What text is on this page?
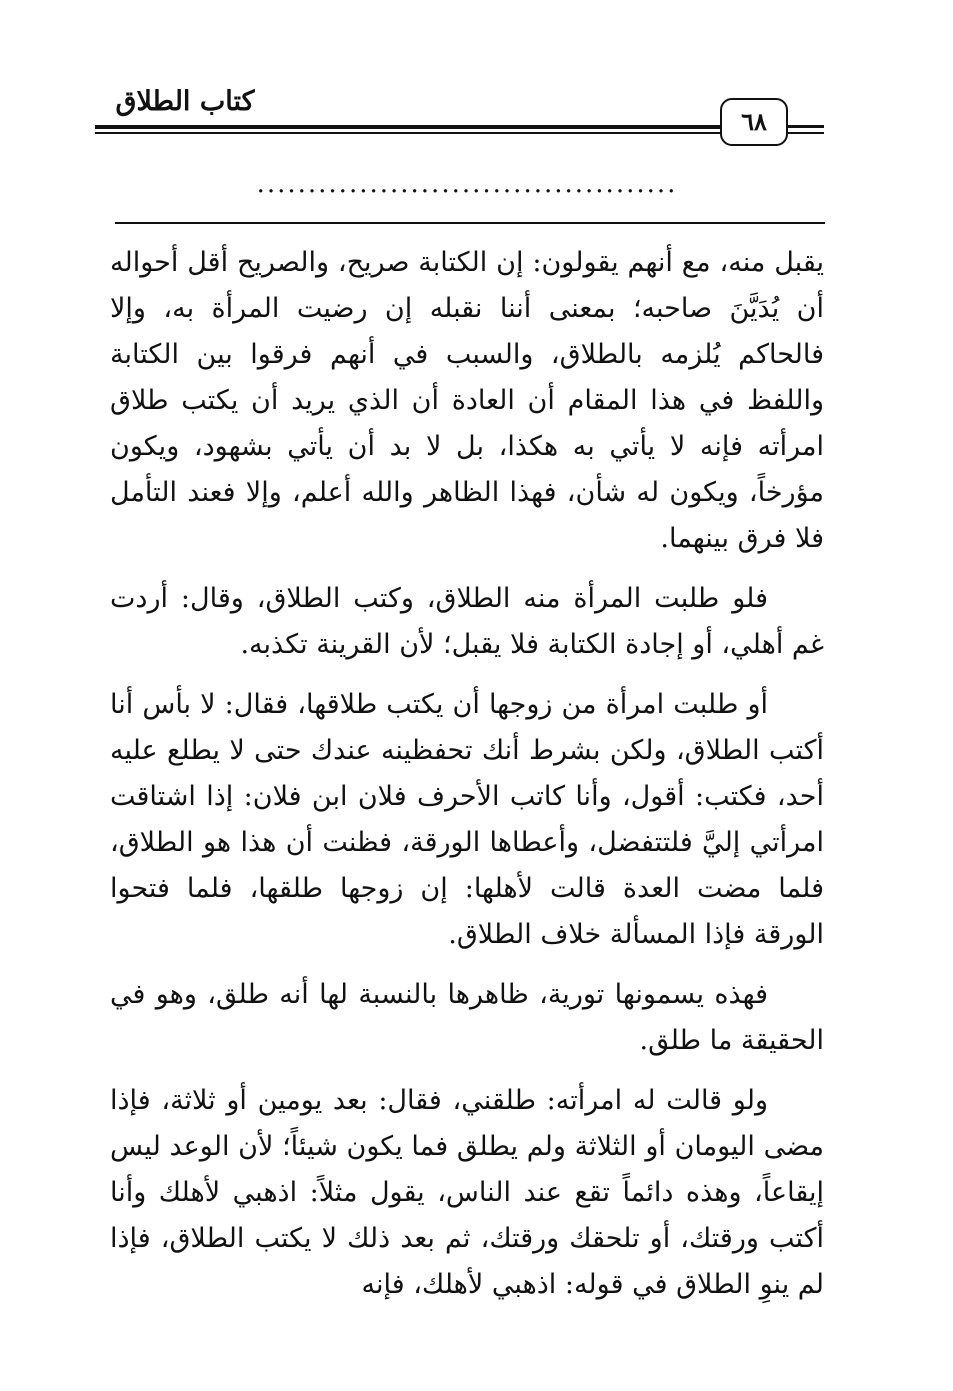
كتاب الطلاق
٦٨
.........................................

يقبل منه، مع أنهم يقولون: إن الكتابة صريح، والصريح أقل أحواله أن يُدَيَّنَ صاحبه؛ بمعنى أننا نقبله إن رضيت المرأة به، وإلا فالحاكم يُلزمه بالطلاق، والسبب في أنهم فرقوا بين الكتابة واللفظ في هذا المقام أن العادة أن الذي يريد أن يكتب طلاق امرأته فإنه لا يأتي به هكذا، بل لا بد أن يأتي بشهود، ويكون مؤرخاً، ويكون له شأن، فهذا الظاهر والله أعلم، وإلا فعند التأمل فلا فرق بينهما.

فلو طلبت المرأة منه الطلاق، وكتب الطلاق، وقال: أردت غم أهلي، أو إجادة الكتابة فلا يقبل؛ لأن القرينة تكذبه.

أو طلبت امرأة من زوجها أن يكتب طلاقها، فقال: لا بأس أنا أكتب الطلاق، ولكن بشرط أنك تحفظينه عندك حتى لا يطلع عليه أحد، فكتب: أقول، وأنا كاتب الأحرف فلان ابن فلان: إذا اشتاقت امرأتي إليَّ فلتتفضل، وأعطاها الورقة، فظنت أن هذا هو الطلاق، فلما مضت العدة قالت لأهلها: إن زوجها طلقها، فلما فتحوا الورقة فإذا المسألة خلاف الطلاق.

فهذه يسمونها تورية، ظاهرها بالنسبة لها أنه طلق، وهو في الحقيقة ما طلق.

ولو قالت له امرأته: طلقني، فقال: بعد يومين أو ثلاثة، فإذا مضى اليومان أو الثلاثة ولم يطلق فما يكون شيئاً؛ لأن الوعد ليس إيقاعاً، وهذه دائماً تقع عند الناس، يقول مثلاً: اذهبي لأهلك وأنا أكتب ورقتك، أو تلحقك ورقتك، ثم بعد ذلك لا يكتب الطلاق، فإذا لم ينوِ الطلاق في قوله: اذهبي لأهلك، فإنه
